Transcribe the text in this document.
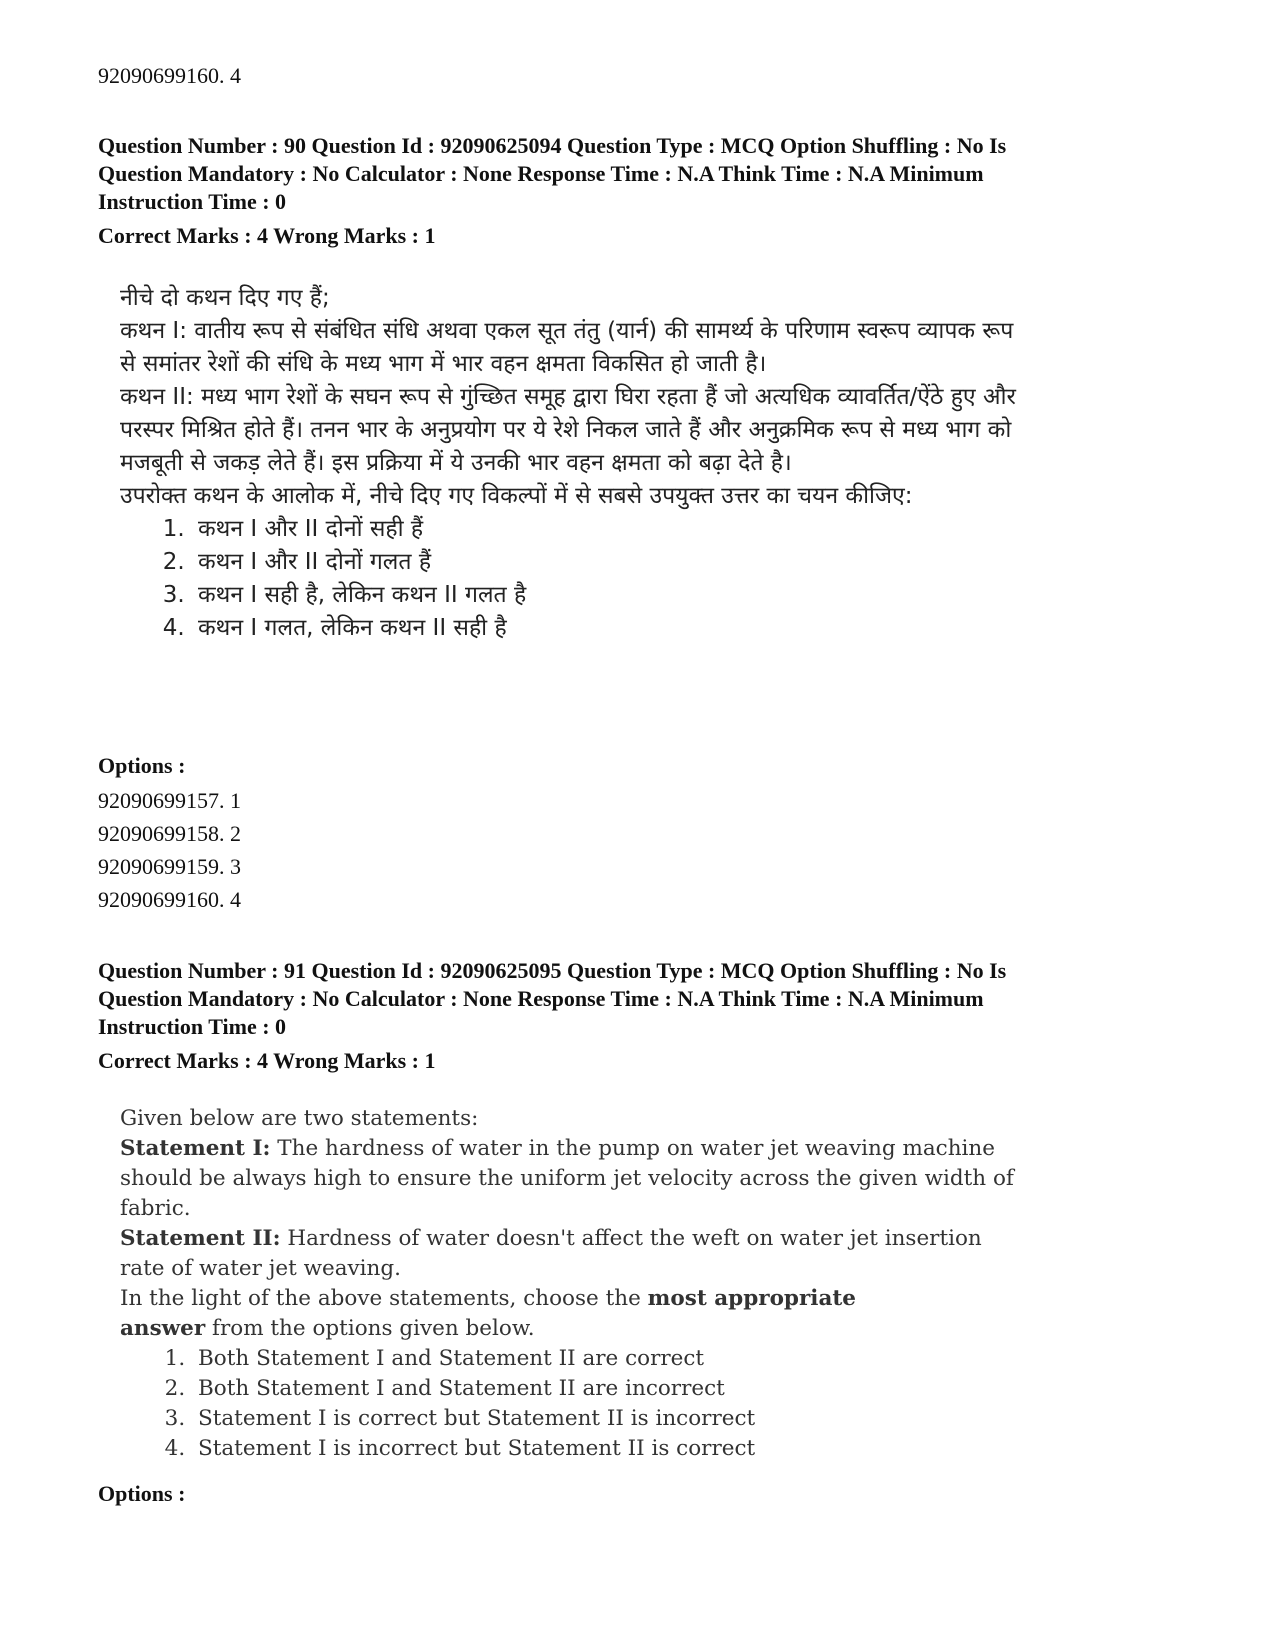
92090699160. 4
Question Number : 90 Question Id : 92090625094 Question Type : MCQ Option Shuffling : No Is
Question Mandatory : No Calculator : None Response Time : N.A Think Time : N.A Minimum
Instruction Time : 0
Correct Marks : 4 Wrong Marks : 1
नीचे दो कथन दिए गए हैं;
कथन I: वातीय रूप से संबंधित संधि अथवा एकल सूत तंतु (यार्न) की सामर्थ्य के परिणाम स्वरूप व्यापक रूप से समांतर रेशों की संधि के मध्य भाग में भार वहन क्षमता विकसित हो जाती है।
कथन II: मध्य भाग रेशों के सघन रूप से गुंच्छित समूह द्वारा घिरा रहता हैं जो अत्यधिक व्यावर्तित/ऐंठे हुए और परस्पर मिश्रित होते हैं। तनन भार के अनुप्रयोग पर ये रेशे निकल जाते हैं और अनुक्रमिक रूप से मध्य भाग को मजबूती से जकड़ लेते हैं। इस प्रक्रिया में ये उनकी भार वहन क्षमता को बढ़ा देते है।
उपरोक्त कथन के आलोक में, नीचे दिए गए विकल्पों में से सबसे उपयुक्त उत्तर का चयन कीजिए:
1. कथन I और II दोनों सही हैं
2. कथन I और II दोनों गलत हैं
3. कथन I सही है, लेकिन कथन II गलत है
4. कथन I गलत, लेकिन कथन II सही है
Options :
92090699157. 1
92090699158. 2
92090699159. 3
92090699160. 4
Question Number : 91 Question Id : 92090625095 Question Type : MCQ Option Shuffling : No Is
Question Mandatory : No Calculator : None Response Time : N.A Think Time : N.A Minimum
Instruction Time : 0
Correct Marks : 4 Wrong Marks : 1
Given below are two statements:
Statement I: The hardness of water in the pump on water jet weaving machine should be always high to ensure the uniform jet velocity across the given width of fabric.
Statement II: Hardness of water doesn't affect the weft on water jet insertion rate of water jet weaving.
In the light of the above statements, choose the most appropriate
answer from the options given below.
1. Both Statement I and Statement II are correct
2. Both Statement I and Statement II are incorrect
3. Statement I is correct but Statement II is incorrect
4. Statement I is incorrect but Statement II is correct
Options :
